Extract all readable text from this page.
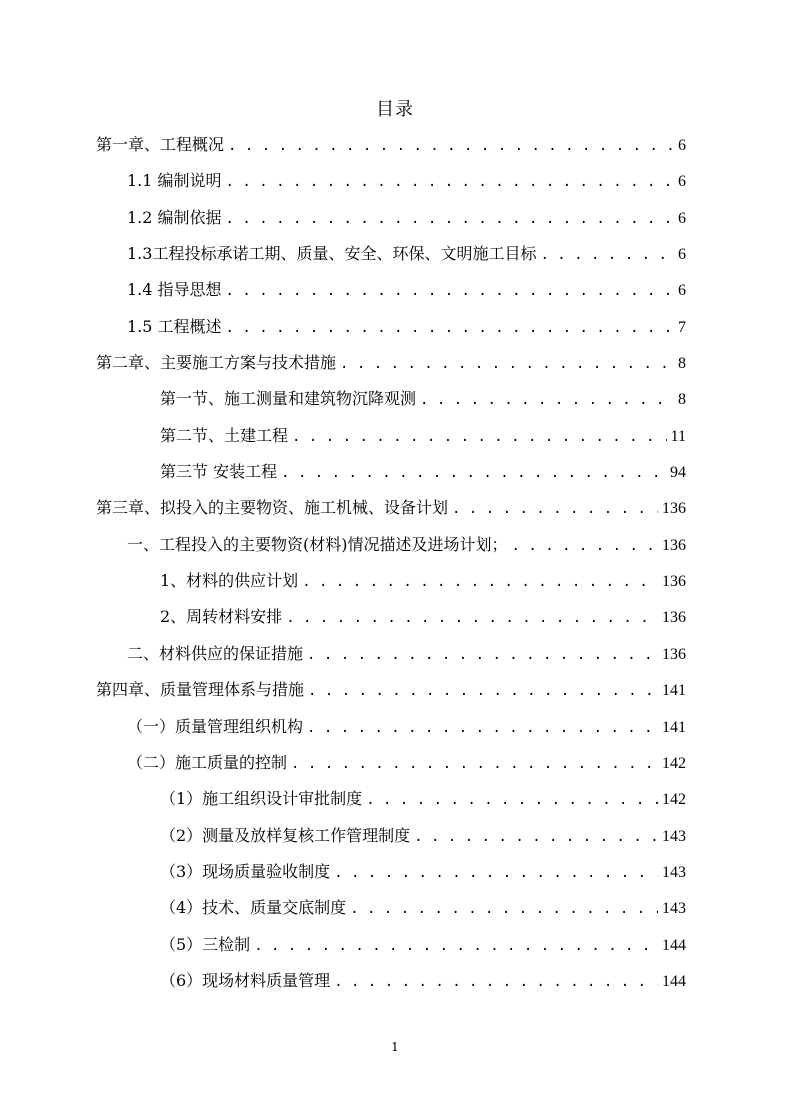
目录
第一章、工程概况 . . .	6
1.1 编制说明 . . .	6
1.2 编制依据 . . .	6
1.3工程投标承诺工期、质量、安全、环保、文明施工目标 . . .	6
1.4 指导思想 . . .	6
1.5 工程概述 . . .	7
第二章、主要施工方案与技术措施 . . .	8
第一节、施工测量和建筑物沉降观测 . . .	8
第二节、土建工程 . . .	11
第三节 安装工程 . . .	94
第三章、拟投入的主要物资、施工机械、设备计划 . . .	136
一、工程投入的主要物资(材料)情况描述及进场计划； . . .	136
1、材料的供应计划 . . .	136
2、周转材料安排 . . .	136
二、材料供应的保证措施 . . .	136
第四章、质量管理体系与措施 . . .	141
（一）质量管理组织机构 . . .	141
（二）施工质量的控制 . . .	142
（1）施工组织设计审批制度 . . .	142
（2）测量及放样复核工作管理制度 . . .	143
（3）现场质量验收制度 . . .	143
（4）技术、质量交底制度 . . .	143
（5）三检制 . . .	144
（6）现场材料质量管理 . . .	144
1
